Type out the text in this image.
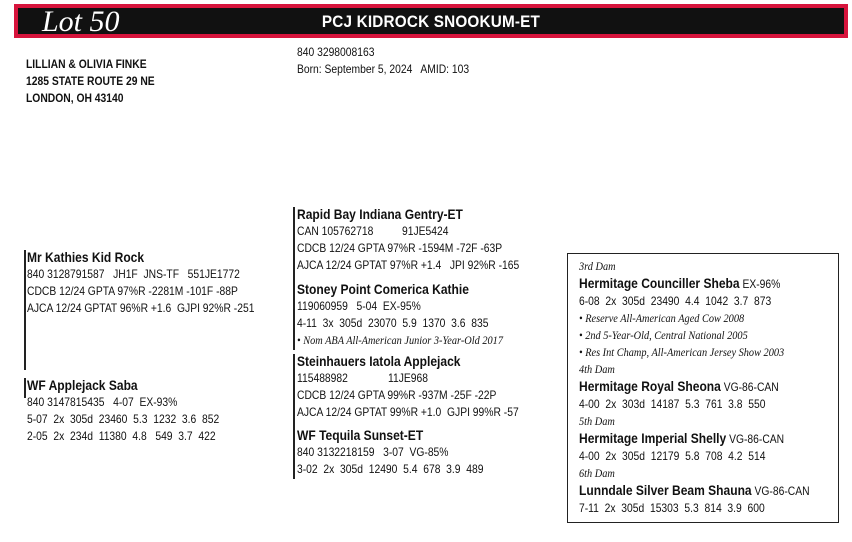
Lot 50	PCJ KIDROCK SNOOKUM-ET
LILLIAN & OLIVIA FINKE
1285 STATE ROUTE 29 NE
LONDON, OH 43140
840 3298008163
Born: September 5, 2024   AMID: 103
Mr Kathies Kid Rock
840 3128791587   JH1F  JNS-TF   551JE1772
CDCB 12/24 GPTA 97%R -2281M -101F -88P
AJCA 12/24 GPTAT 96%R +1.6  GJPI 92%R -251
WF Applejack Saba
840 3147815435   4-07  EX-93%
5-07  2x  305d  23460  5.3  1232  3.6  852
2-05  2x  234d  11380  4.8   549  3.7  422
Rapid Bay Indiana Gentry-ET
CAN 105762718          91JE5424
CDCB 12/24 GPTA 97%R -1594M -72F -63P
AJCA 12/24 GPTAT 97%R +1.4   JPI 92%R -165
Stoney Point Comerica Kathie
119060959   5-04  EX-95%
4-11  3x  305d  23070  5.9  1370  3.6  835
• Nom ABA All-American Junior 3-Year-Old 2017
Steinhauers Iatola Applejack
115488982              11JE968
CDCB 12/24 GPTA 99%R -937M -25F -22P
AJCA 12/24 GPTAT 99%R +1.0  GJPI 99%R -57
WF Tequila Sunset-ET
840 3132218159   3-07  VG-85%
3-02  2x  305d  12490  5.4  678  3.9  489
3rd Dam
Hermitage Counciller Sheba EX-96%
6-08  2x  305d  23490  4.4  1042  3.7  873
• Reserve All-American Aged Cow 2008
• 2nd 5-Year-Old, Central National 2005
• Res Int Champ, All-American Jersey Show 2003
4th Dam
Hermitage Royal Sheona VG-86-CAN
4-00  2x  303d  14187  5.3  761  3.8  550
5th Dam
Hermitage Imperial Shelly VG-86-CAN
4-00  2x  305d  12179  5.8  708  4.2  514
6th Dam
Lunndale Silver Beam Shauna VG-86-CAN
7-11  2x  305d  15303  5.3  814  3.9  600
